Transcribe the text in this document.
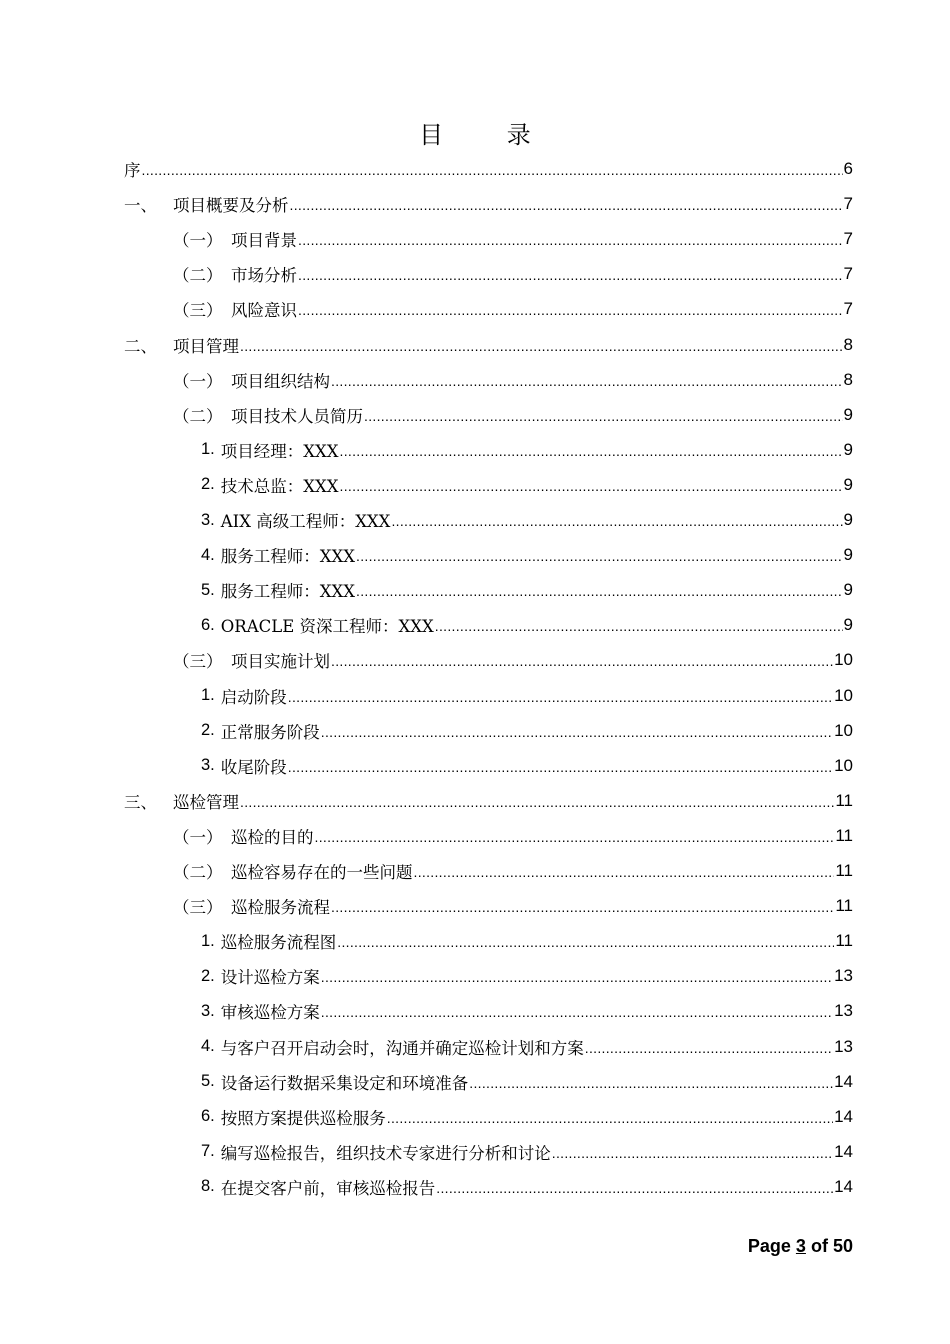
目 录
序 .....	6
一、 项目概要及分析 .....	7
（一） 项目背景 .....	7
（二） 市场分析 .....	7
（三） 风险意识 .....	7
二、 项目管理 .....	8
（一） 项目组织结构 .....	8
（二） 项目技术人员简历 .....	9
1. 项目经理：XXX .....	9
2. 技术总监：XXX .....	9
3. AIX 高级工程师：XXX .....	9
4. 服务工程师：XXX .....	9
5. 服务工程师：XXX .....	9
6. ORACLE 资深工程师：XXX .....	9
（三） 项目实施计划 .....	10
1. 启动阶段 .....	10
2. 正常服务阶段 .....	10
3. 收尾阶段 .....	10
三、 巡检管理 .....	11
（一） 巡检的目的 .....	11
（二） 巡检容易存在的一些问题 .....	11
（三） 巡检服务流程 .....	11
1. 巡检服务流程图 .....	11
2. 设计巡检方案 .....	13
3. 审核巡检方案 .....	13
4. 与客户召开启动会时，沟通并确定巡检计划和方案 .....	13
5. 设备运行数据采集设定和环境准备 .....	14
6. 按照方案提供巡检服务 .....	14
7. 编写巡检报告，组织技术专家进行分析和讨论 .....	14
8. 在提交客户前，审核巡检报告 .....	14
Page 3 of 50
